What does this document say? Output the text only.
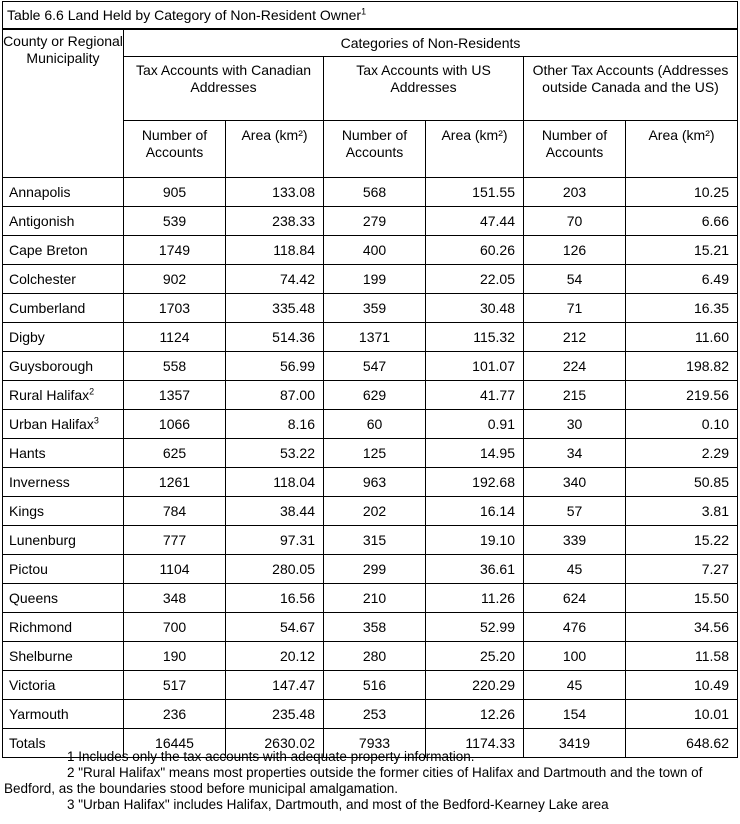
Table 6.6 Land Held by Category of Non-Resident Owner$^1$
County or Regional Municipality	Categories of Non-Residents					
	Tax Accounts with Canadian Addresses		Tax Accounts with US Addresses		Other Tax Accounts (Addresses outside Canada and the US)	
	Number of Accounts	Area (km²)	Number of Accounts	Area (km²)	Number of Accounts	Area (km²)
Annapolis	905	133.08	568	151.55	203	10.25
Antigonish	539	238.33	279	47.44	70	6.66
Cape Breton	1749	118.84	400	60.26	126	15.21
Colchester	902	74.42	199	22.05	54	6.49
Cumberland	1703	335.48	359	30.48	71	16.35
Digby	1124	514.36	1371	115.32	212	11.60
Guysborough	558	56.99	547	101.07	224	198.82
Rural Halifax$^2$	1357	87.00	629	41.77	215	219.56
Urban Halifax$^3$	1066	8.16	60	0.91	30	0.10
Hants	625	53.22	125	14.95	34	2.29
Inverness	1261	118.04	963	192.68	340	50.85
Kings	784	38.44	202	16.14	57	3.81
Lunenburg	777	97.31	315	19.10	339	15.22
Pictou	1104	280.05	299	36.61	45	7.27
Queens	348	16.56	210	11.26	624	15.50
Richmond	700	54.67	358	52.99	476	34.56
Shelburne	190	20.12	280	25.20	100	11.58
Victoria	517	147.47	516	220.29	45	10.49
Yarmouth	236	235.48	253	12.26	154	10.01
Totals	16445	2630.02	7933	1174.33	3419	648.62

1 Includes only the tax accounts with adequate property information.

2 "Rural Halifax" means most properties outside the former cities of Halifax and Dartmouth and the town of Bedford, as the boundaries stood before municipal amalgamation.

3 "Urban Halifax" includes Halifax, Dartmouth, and most of the Bedford-Kearney Lake area
